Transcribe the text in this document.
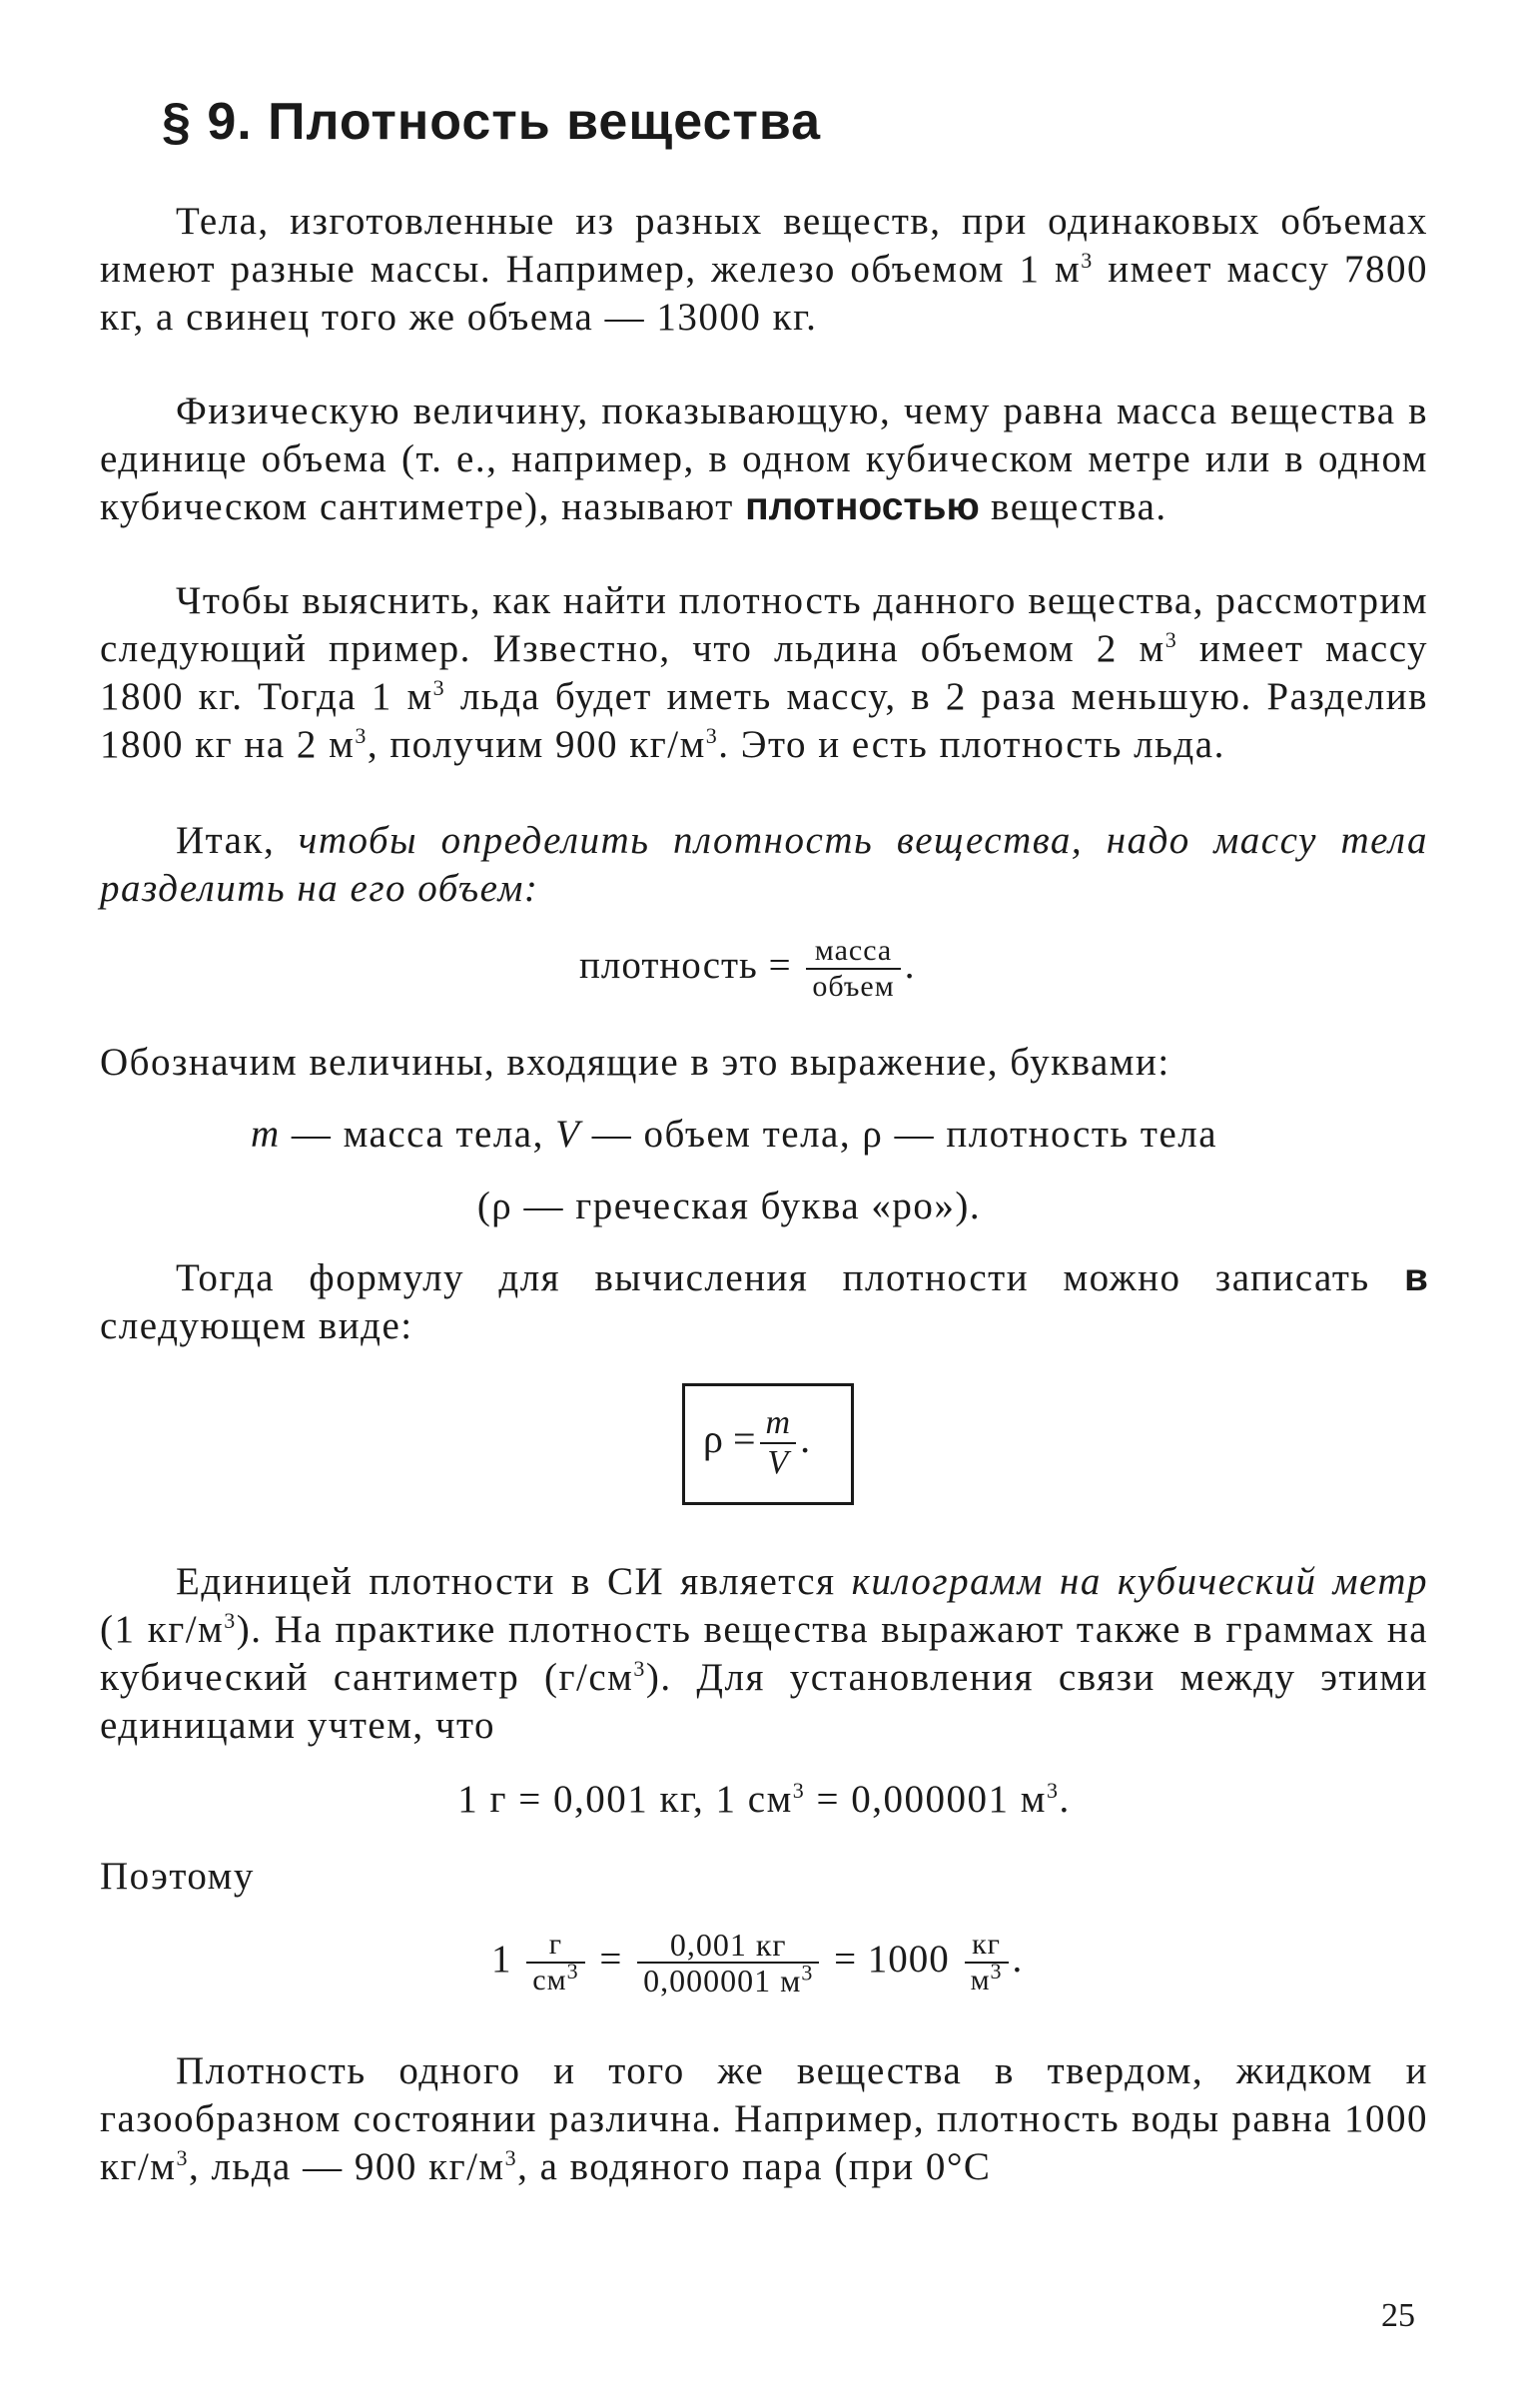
§ 9. Плотность вещества

Тела, изготовленные из разных веществ, при одинаковых объемах имеют разные массы. Например, железо объемом 1 $м^3$ имеет массу 7800 кг, а свинец того же объема — 13000 кг.

Физическую величину, показывающую, чему равна масса вещества в единице объема (т. е., например, в одном кубическом метре или в одном кубическом сантиметре), называют плотностью вещества.

Чтобы выяснить, как найти плотность данного вещества, рассмотрим следующий пример. Известно, что льдина объемом 2 $м^3$ имеет массу 1800 кг. Тогда 1 $м^3$ льда будет иметь массу, в 2 раза меньшую. Разделив 1800 кг на 2 $м^3$, получим 900 $кг/м^3$. Это и есть плотность льда.

Итак, чтобы определить плотность вещества, надо массу тела разделить на его объем:

плотность = $\frac{\text{масса}}{\text{объем}}$ .

Обозначим величины, входящие в это выражение, буквами:

m — масса тела, V — объем тела, ρ — плотность тела

(ρ — греческая буква «ро»).

Тогда формулу для вычисления плотности можно записать в следующем виде:

$\rho = \frac{m}{V}$ .

Единицей плотности в СИ является килограмм на кубический метр (1 $кг/м^3$). На практике плотность вещества выражают также в граммах на кубический сантиметр $(г/см^3)$. Для установления связи между этими единицами учтем, что

1 г = 0,001 кг, 1 $см^3 = 0,000001$ $м^3$.

Поэтому

$1 \frac{г}{см^3} = \frac{0,001 кг}{0,000001 м^3} = 1000 \frac{кг}{м^3}$ .

Плотность одного и того же вещества в твердом, жидком и газообразном состоянии различна. Например, плотность воды равна 1000 $кг/м^3$, льда — 900 $кг/м^3$, а водяного пара (при 0°С

25
